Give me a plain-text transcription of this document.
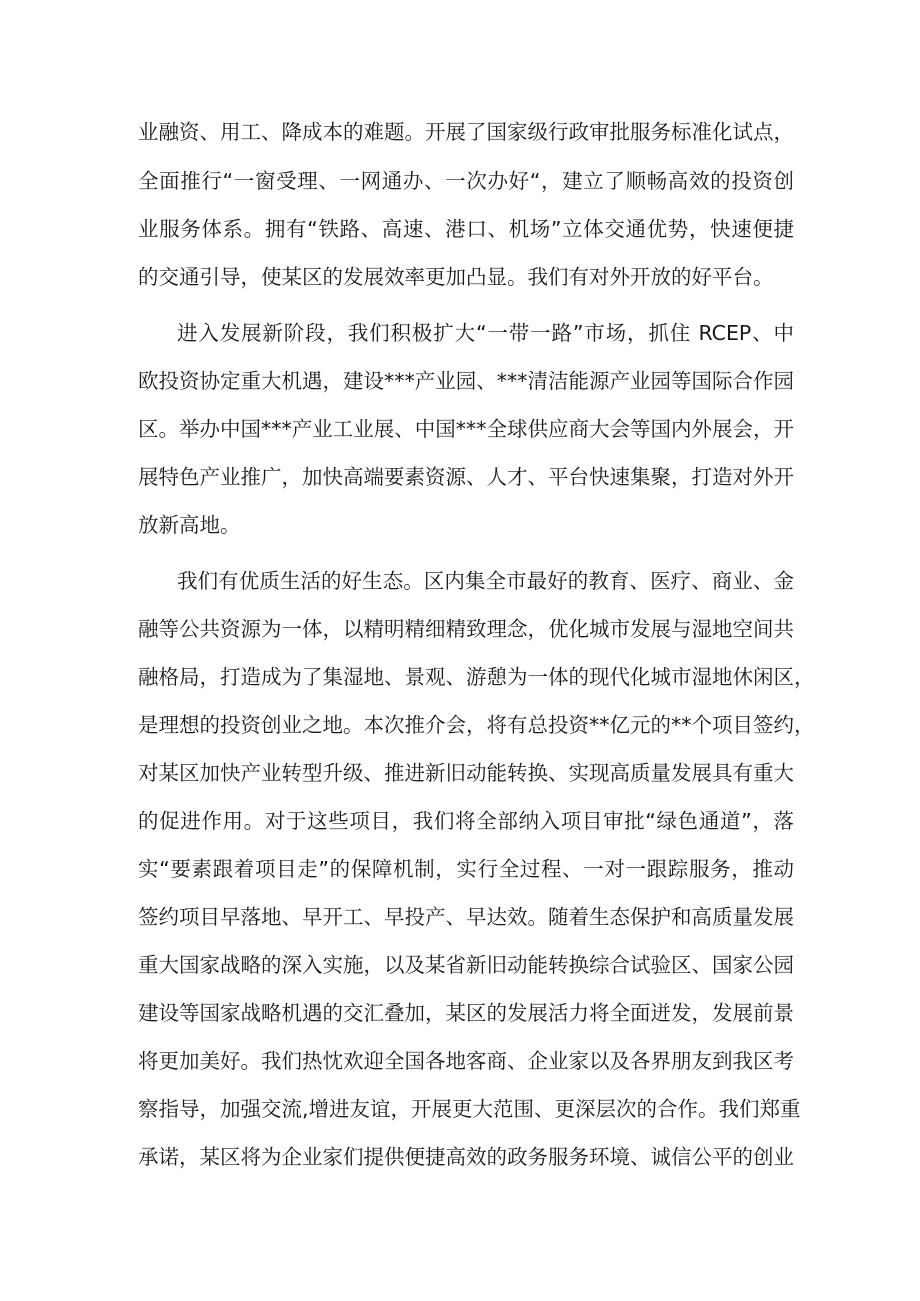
业融资、用工、降成本的难题。开展了国家级行政审批服务标准化试点，
全面推行“一窗受理、一网通办、一次办好“，建立了顺畅高效的投资创
业服务体系。拥有“铁路、高速、港口、机场”立体交通优势，快速便捷
的交通引导，使某区的发展效率更加凸显。我们有对外开放的好平台。
进入发展新阶段，我们积极扩大“一带一路”市场，抓住 RCEP、中
欧投资协定重大机遇，建设***产业园、***清洁能源产业园等国际合作园
区。举办中国***产业工业展、中国***全球供应商大会等国内外展会，开
展特色产业推广，加快高端要素资源、人才、平台快速集聚，打造对外开
放新高地。
我们有优质生活的好生态。区内集全市最好的教育、医疗、商业、金
融等公共资源为一体，以精明精细精致理念，优化城市发展与湿地空间共
融格局，打造成为了集湿地、景观、游憩为一体的现代化城市湿地休闲区，
是理想的投资创业之地。本次推介会，将有总投资**亿元的**个项目签约，
对某区加快产业转型升级、推进新旧动能转换、实现高质量发展具有重大
的促进作用。对于这些项目，我们将全部纳入项目审批“绿色通道”，落
实“要素跟着项目走”的保障机制，实行全过程、一对一跟踪服务，推动
签约项目早落地、早开工、早投产、早达效。随着生态保护和高质量发展
重大国家战略的深入实施，以及某省新旧动能转换综合试验区、国家公园
建设等国家战略机遇的交汇叠加，某区的发展活力将全面迸发，发展前景
将更加美好。我们热忱欢迎全国各地客商、企业家以及各界朋友到我区考
察指导，加强交流,增进友谊，开展更大范围、更深层次的合作。我们郑重
承诺，某区将为企业家们提供便捷高效的政务服务环境、诚信公平的创业
